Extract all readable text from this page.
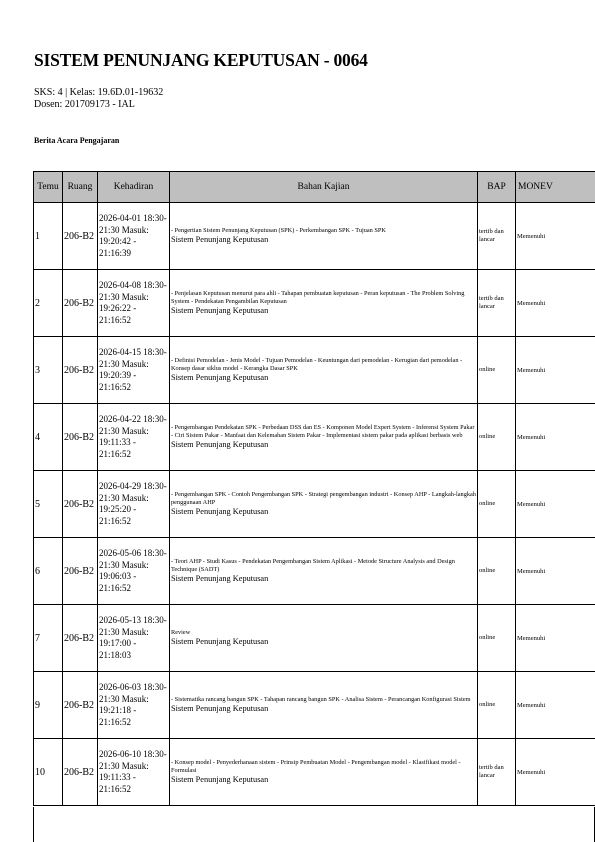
SISTEM PENUNJANG KEPUTUSAN - 0064
SKS: 4 | Kelas: 19.6D.01-19632
Dosen: 201709173 - IAL
Berita Acara Pengajaran
Temu	Ruang	Kehadiran	Bahan Kajian	BAP	MONEV
1	206-B2	2026-04-01 18:30-21:30 Masuk: 19:20:42 - 21:16:39	- Pengertian Sistem Penunjang Keputusan (SPK) - Perkembangan SPK - Tujuan SPK
Sistem Penunjang Keputusan	tertib dan lancar	Memenuhi
2	206-B2	2026-04-08 18:30-21:30 Masuk: 19:26:22 - 21:16:52	- Penjelasan Keputusan menurut para ahli - Tahapan pembuatan keputusan - Peran keputusan - The Problem Solving System - Pendekatan Pengambilan Keputusan
Sistem Penunjang Keputusan	tertib dan lancar	Memenuhi
3	206-B2	2026-04-15 18:30-21:30 Masuk: 19:20:39 - 21:16:52	- Definisi Pemodelan - Jenis Model - Tujuan Pemodelan - Keuntungan dari pemodelan - Kerugian dari pemodelan - Konsep dasar siklus model - Kerangka Dasar SPK
Sistem Penunjang Keputusan	online	Memenuhi
4	206-B2	2026-04-22 18:30-21:30 Masuk: 19:11:33 - 21:16:52	- Pengembangan Pendekatan SPK - Perbedaan DSS dan ES - Komponen Model Expert System - Inferensi System Pakar - Ciri Sistem Pakar - Manfaat dan Kelemahan Sistem Pakar - Implementasi sistem pakar pada aplikasi berbasis web
Sistem Penunjang Keputusan	online	Memenuhi
5	206-B2	2026-04-29 18:30-21:30 Masuk: 19:25:20 - 21:16:52	- Pengembangan SPK - Contoh Pengembangan SPK - Strategi pengembangan industri - Konsep AHP - Langkah-langkah penggunaan AHP
Sistem Penunjang Keputusan	online	Memenuhi
6	206-B2	2026-05-06 18:30-21:30 Masuk: 19:06:03 - 21:16:52	- Teori AHP - Studi Kasus - Pendekatan Pengembangan Sistem Aplikasi - Metode Structure Analysis and Design Technique (SADT)
Sistem Penunjang Keputusan	online	Memenuhi
7	206-B2	2026-05-13 18:30-21:30 Masuk: 19:17:00 - 21:18:03	Review
Sistem Penunjang Keputusan	online	Memenuhi
9	206-B2	2026-06-03 18:30-21:30 Masuk: 19:21:18 - 21:16:52	- Sistematika rancang bangun SPK - Tahapan rancang bangun SPK - Analisa Sistem - Perancangan Konfigurasi Sistem
Sistem Penunjang Keputusan	online	Memenuhi
10	206-B2	2026-06-10 18:30-21:30 Masuk: 19:11:33 - 21:16:52	- Konsep model - Penyederhanaan sistem - Prinsip Pembuatan Model - Pengembangan model - Klasifikasi model - Formulasi
Sistem Penunjang Keputusan	tertib dan lancar	Memenuhi
